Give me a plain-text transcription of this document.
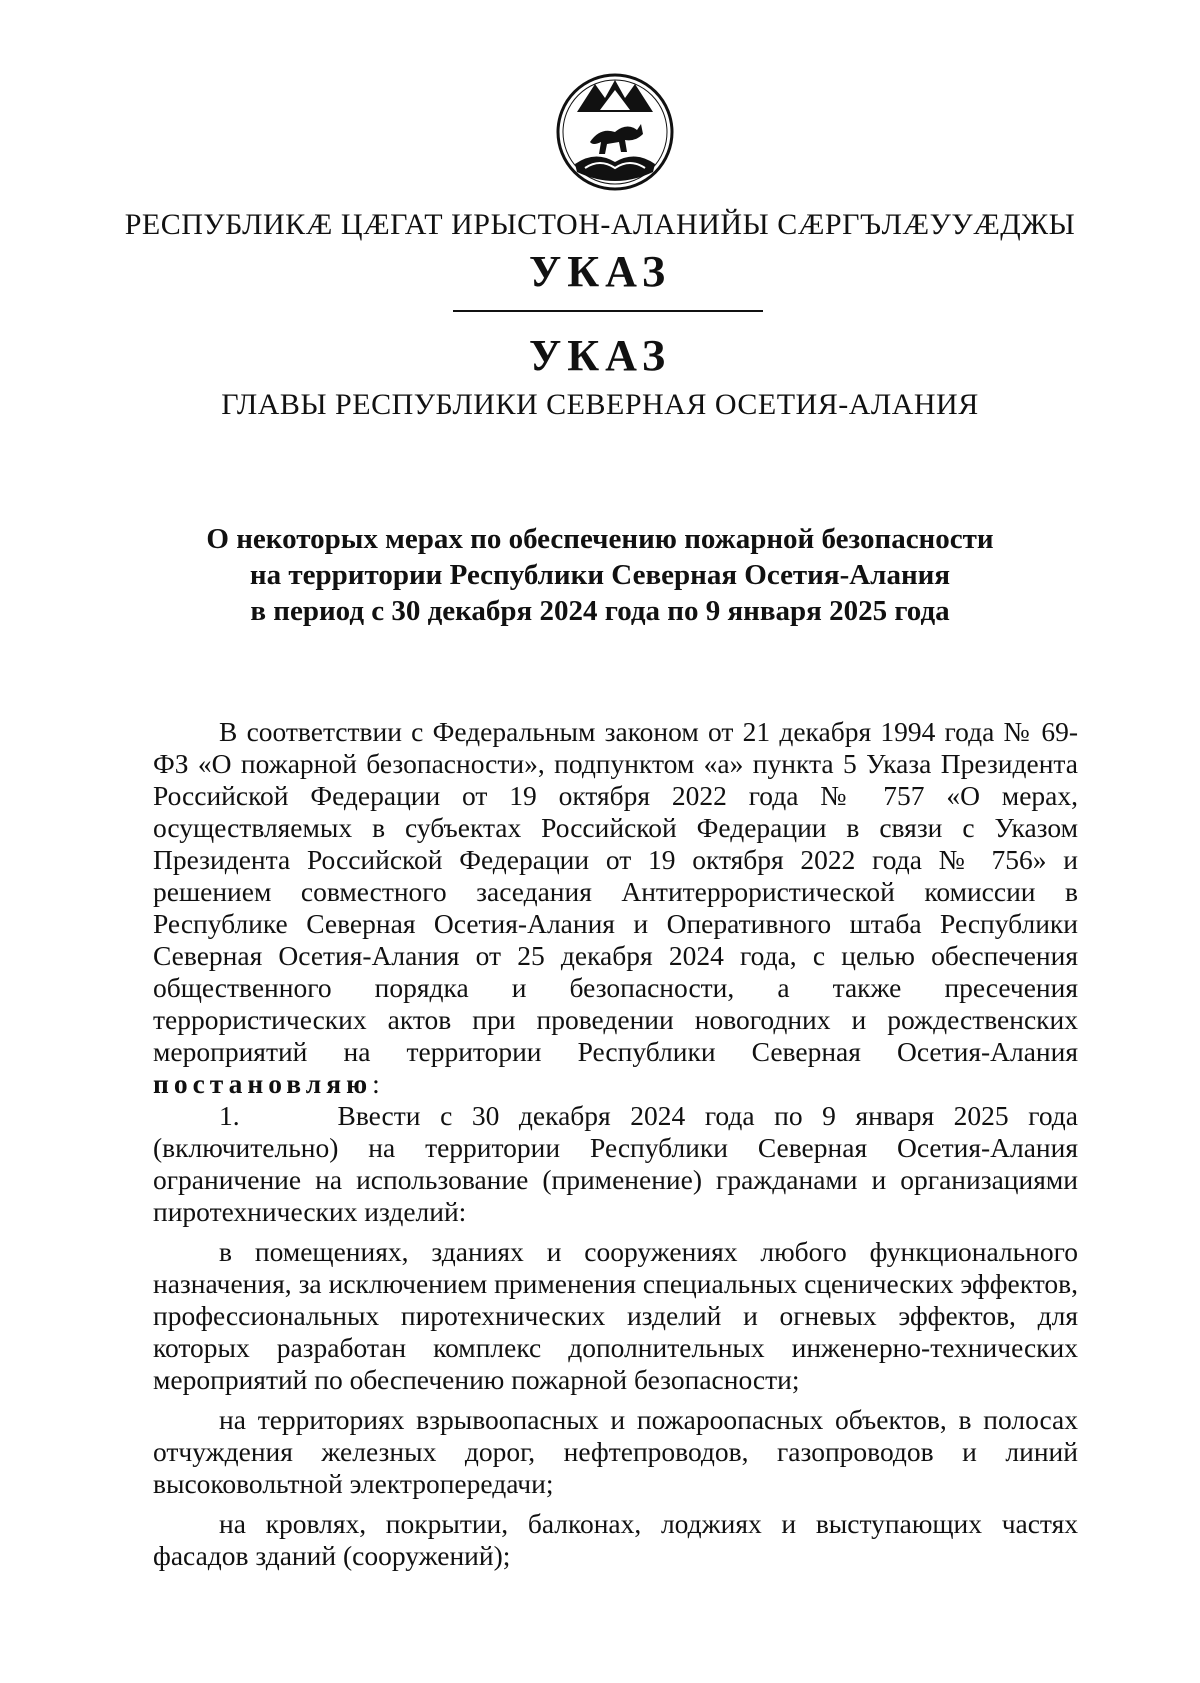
РЕСПУБЛИКӔ ЦӔГАТ ИРЫСТОН-АЛАНИЙЫ СӔРГЪЛӔУУӔДЖЫ
УКАЗ
УКАЗ
ГЛАВЫ РЕСПУБЛИКИ СЕВЕРНАЯ ОСЕТИЯ-АЛАНИЯ
О некоторых мерах по обеспечению пожарной безопасности
на территории Республики Северная Осетия-Алания
в период с 30 декабря 2024 года по 9 января 2025 года

В соответствии с Федеральным законом от 21 декабря 1994 года № 69-ФЗ «О пожарной безопасности», подпунктом «а» пункта 5 Указа Президента Российской Федерации от 19 октября 2022 года № 757 «О мерах, осуществляемых в субъектах Российской Федерации в связи с Указом Президента Российской Федерации от 19 октября 2022 года № 756» и решением совместного заседания Антитеррористической комиссии в Республике Северная Осетия-Алания и Оперативного штаба Республики Северная Осетия-Алания от 25 декабря 2024 года, с целью обеспечения общественного порядка и безопасности, а также пресечения террористических актов при проведении новогодних и рождественских мероприятий на территории Республики Северная Осетия-Алания постановляю:

1.	Ввести с 30 декабря 2024 года по 9 января 2025 года (включительно) на территории Республики Северная Осетия-Алания ограничение на использование (применение) гражданами и организациями пиротехнических изделий:

в помещениях, зданиях и сооружениях любого функционального назначения, за исключением применения специальных сценических эффектов, профессиональных пиротехнических изделий и огневых эффектов, для которых разработан комплекс дополнительных инженерно-технических мероприятий по обеспечению пожарной безопасности;

на территориях взрывоопасных и пожароопасных объектов, в полосах отчуждения железных дорог, нефтепроводов, газопроводов и линий высоковольтной электропередачи;

на кровлях, покрытии, балконах, лоджиях и выступающих частях фасадов зданий (сооружений);
